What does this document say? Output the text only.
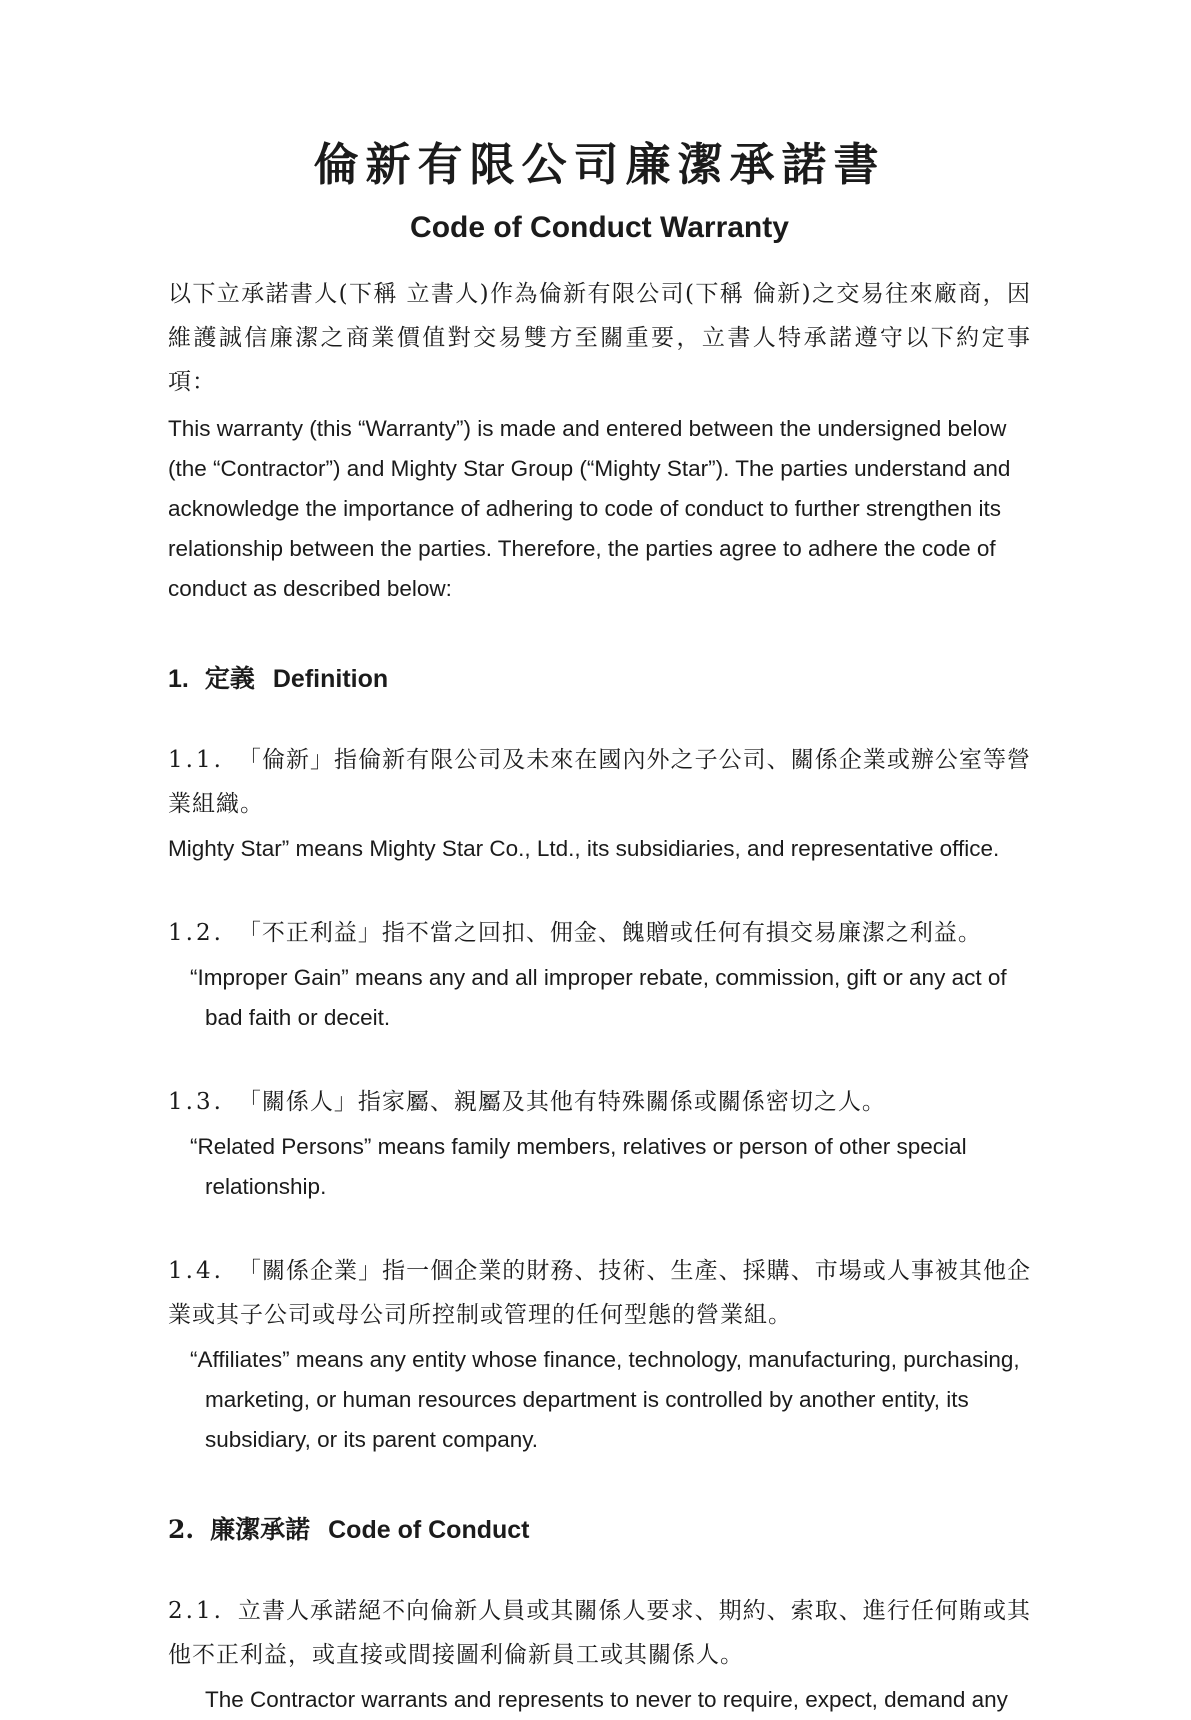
倫新有限公司廉潔承諾書
Code of Conduct Warranty

以下立承諾書人(下稱 立書人)作為倫新有限公司(下稱 倫新)之交易往來廠商，因維護誠信廉潔之商業價值對交易雙方至關重要，立書人特承諾遵守以下約定事項：

This warranty (this “Warranty”) is made and entered between the undersigned below (the “Contractor”) and Mighty Star Group (“Mighty Star”). The parties understand and acknowledge the importance of adhering to code of conduct to further strengthen its relationship between the parties. Therefore, the parties agree to adhere the code of conduct as described below:

1. 定義 Definition

1.1. 「倫新」指倫新有限公司及未來在國內外之子公司、關係企業或辦公室等營業組織。

Mighty Star” means Mighty Star Co., Ltd., its subsidiaries, and representative office.

1.2. 「不正利益」指不當之回扣、佣金、餽贈或任何有損交易廉潔之利益。

“Improper Gain” means any and all improper rebate, commission, gift or any act of bad faith or deceit.

1.3. 「關係人」指家屬、親屬及其他有特殊關係或關係密切之人。

“Related Persons” means family members, relatives or person of other special relationship.

1.4. 「關係企業」指一個企業的財務、技術、生產、採購、市場或人事被其他企業或其子公司或母公司所控制或管理的任何型態的營業組。

“Affiliates” means any entity whose finance, technology, manufacturing, purchasing, marketing, or human resources department is controlled by another entity, its subsidiary, or its parent company.

2. 廉潔承諾 Code of Conduct

2.1. 立書人承諾絕不向倫新人員或其關係人要求、期約、索取、進行任何賄或其他不正利益，或直接或間接圖利倫新員工或其關係人。

The Contractor warrants and represents to never to require, expect, demand any
